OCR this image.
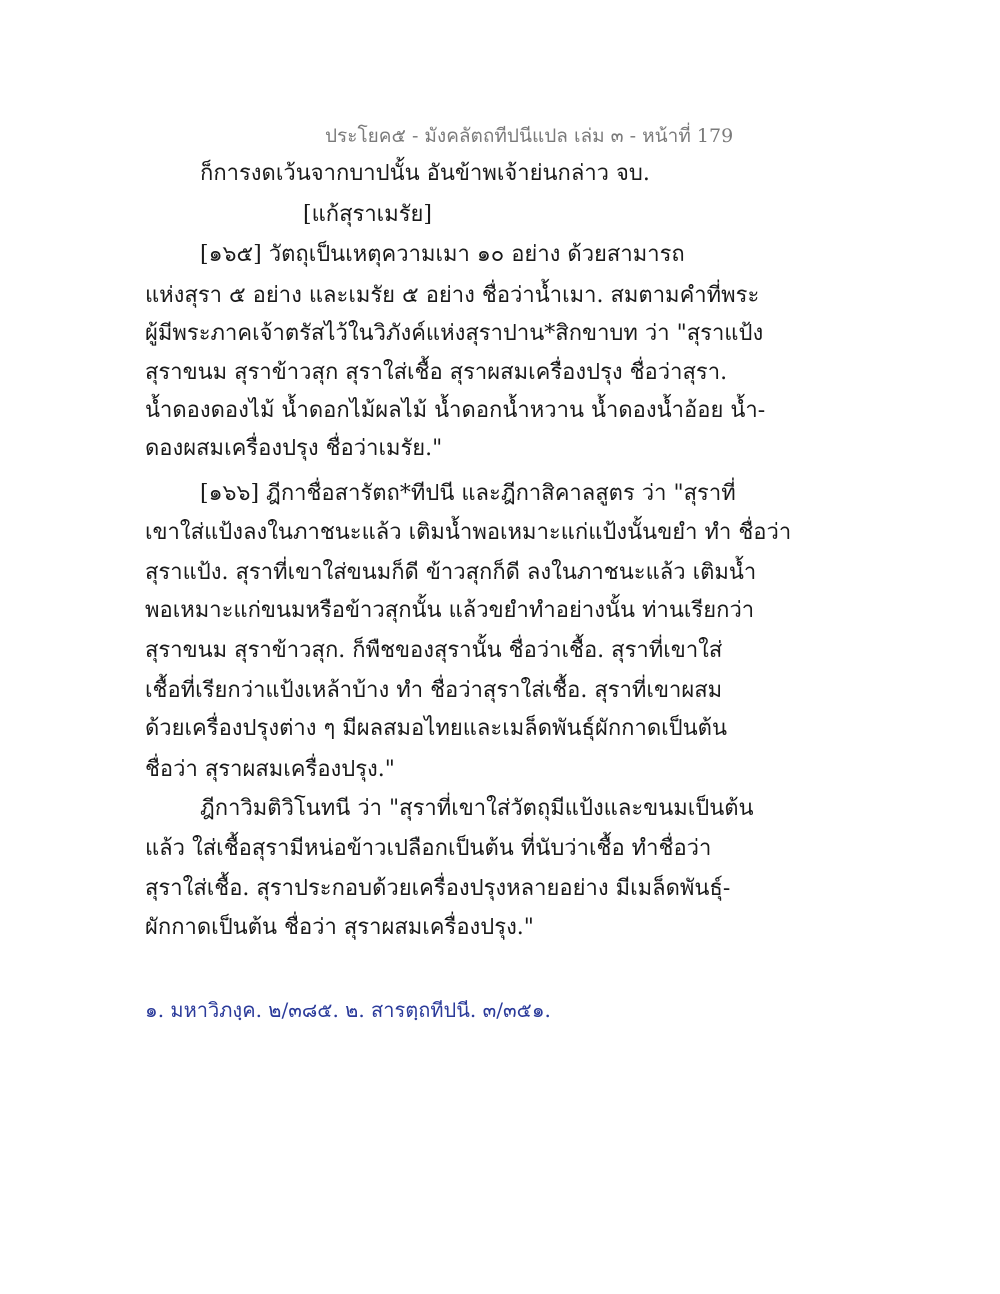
ประโยค๕ - มังคลัตถทีปนีแปล เล่ม ๓ - หน้าที่ 179
ก็การงดเว้นจากบาปนั้น อันข้าพเจ้าย่นกล่าว จบ.
[แก้สุราเมรัย]
[๑๖๕] วัตถุเป็นเหตุความเมา ๑๐ อย่าง ด้วยสามารถ
แห่งสุรา ๕ อย่าง และเมรัย ๕ อย่าง ชื่อว่าน้ำเมา. สมตามคำที่พระ
ผู้มีพระภาคเจ้าตรัสไว้ในวิภังค์แห่งสุราปาน*สิกขาบท ว่า "สุราแป้ง
สุราขนม สุราข้าวสุก สุราใส่เชื้อ สุราผสมเครื่องปรุง ชื่อว่าสุรา.
น้ำดองดองไม้ น้ำดอกไม้ผลไม้ น้ำดอกน้ำหวาน น้ำดองน้ำอ้อย น้ำ-
ดองผสมเครื่องปรุง ชื่อว่าเมรัย."
[๑๖๖] ฎีกาชื่อสารัตถ*ทีปนี และฎีกาสิคาลสูตร ว่า "สุราที่
เขาใส่แป้งลงในภาชนะแล้ว เติมน้ำพอเหมาะแก่แป้งนั้นขยำ ทำ ชื่อว่า
สุราแป้ง. สุราที่เขาใส่ขนมก็ดี ข้าวสุกก็ดี ลงในภาชนะแล้ว เติมน้ำ
พอเหมาะแก่ขนมหรือข้าวสุกนั้น แล้วขยำทำอย่างนั้น ท่านเรียกว่า
สุราขนม สุราข้าวสุก. ก็พืชของสุรานั้น ชื่อว่าเชื้อ. สุราที่เขาใส่
เชื้อที่เรียกว่าแป้งเหล้าบ้าง ทำ ชื่อว่าสุราใส่เชื้อ. สุราที่เขาผสม
ด้วยเครื่องปรุงต่าง ๆ มีผลสมอไทยและเมล็ดพันธุ์ผักกาดเป็นต้น
ชื่อว่า สุราผสมเครื่องปรุง."
ฎีกาวิมติวิโนทนี ว่า "สุราที่เขาใส่วัตถุมีแป้งและขนมเป็นต้น
แล้ว ใส่เชื้อสุรามีหน่อข้าวเปลือกเป็นต้น ที่นับว่าเชื้อ ทำชื่อว่า
สุราใส่เชื้อ. สุราประกอบด้วยเครื่องปรุงหลายอย่าง มีเมล็ดพันธุ์-
ผักกาดเป็นต้น ชื่อว่า สุราผสมเครื่องปรุง."
๑. มหาวิภงฺค. ๒/๓๘๕. ๒. สารตฺถทีปนี. ๓/๓๕๑.
